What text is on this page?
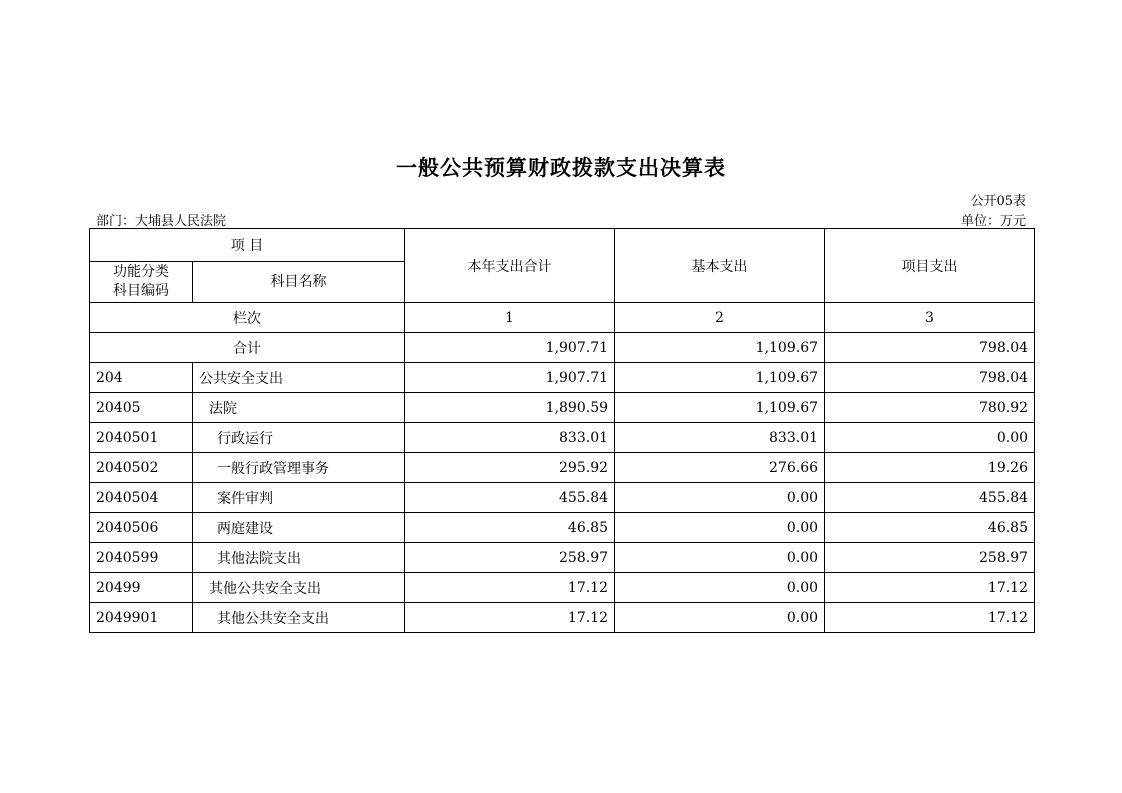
一般公共预算财政拨款支出决算表
公开05表
部门：大埔县人民法院	单位：万元
项 目		本年支出合计	基本支出	项目支出

功能分类
科目编码	科目名称			
栏次		1	2	3
合计		1,907.71	1,109.67	798.04
204	公共安全支出	1,907.71	1,109.67	798.04
20405	法院	1,890.59	1,109.67	780.92
2040501	行政运行	833.01	833.01	0.00
2040502	一般行政管理事务	295.92	276.66	19.26
2040504	案件审判	455.84	0.00	455.84
2040506	两庭建设	46.85	0.00	46.85
2040599	其他法院支出	258.97	0.00	258.97
20499	其他公共安全支出	17.12	0.00	17.12
2049901	其他公共安全支出	17.12	0.00	17.12
